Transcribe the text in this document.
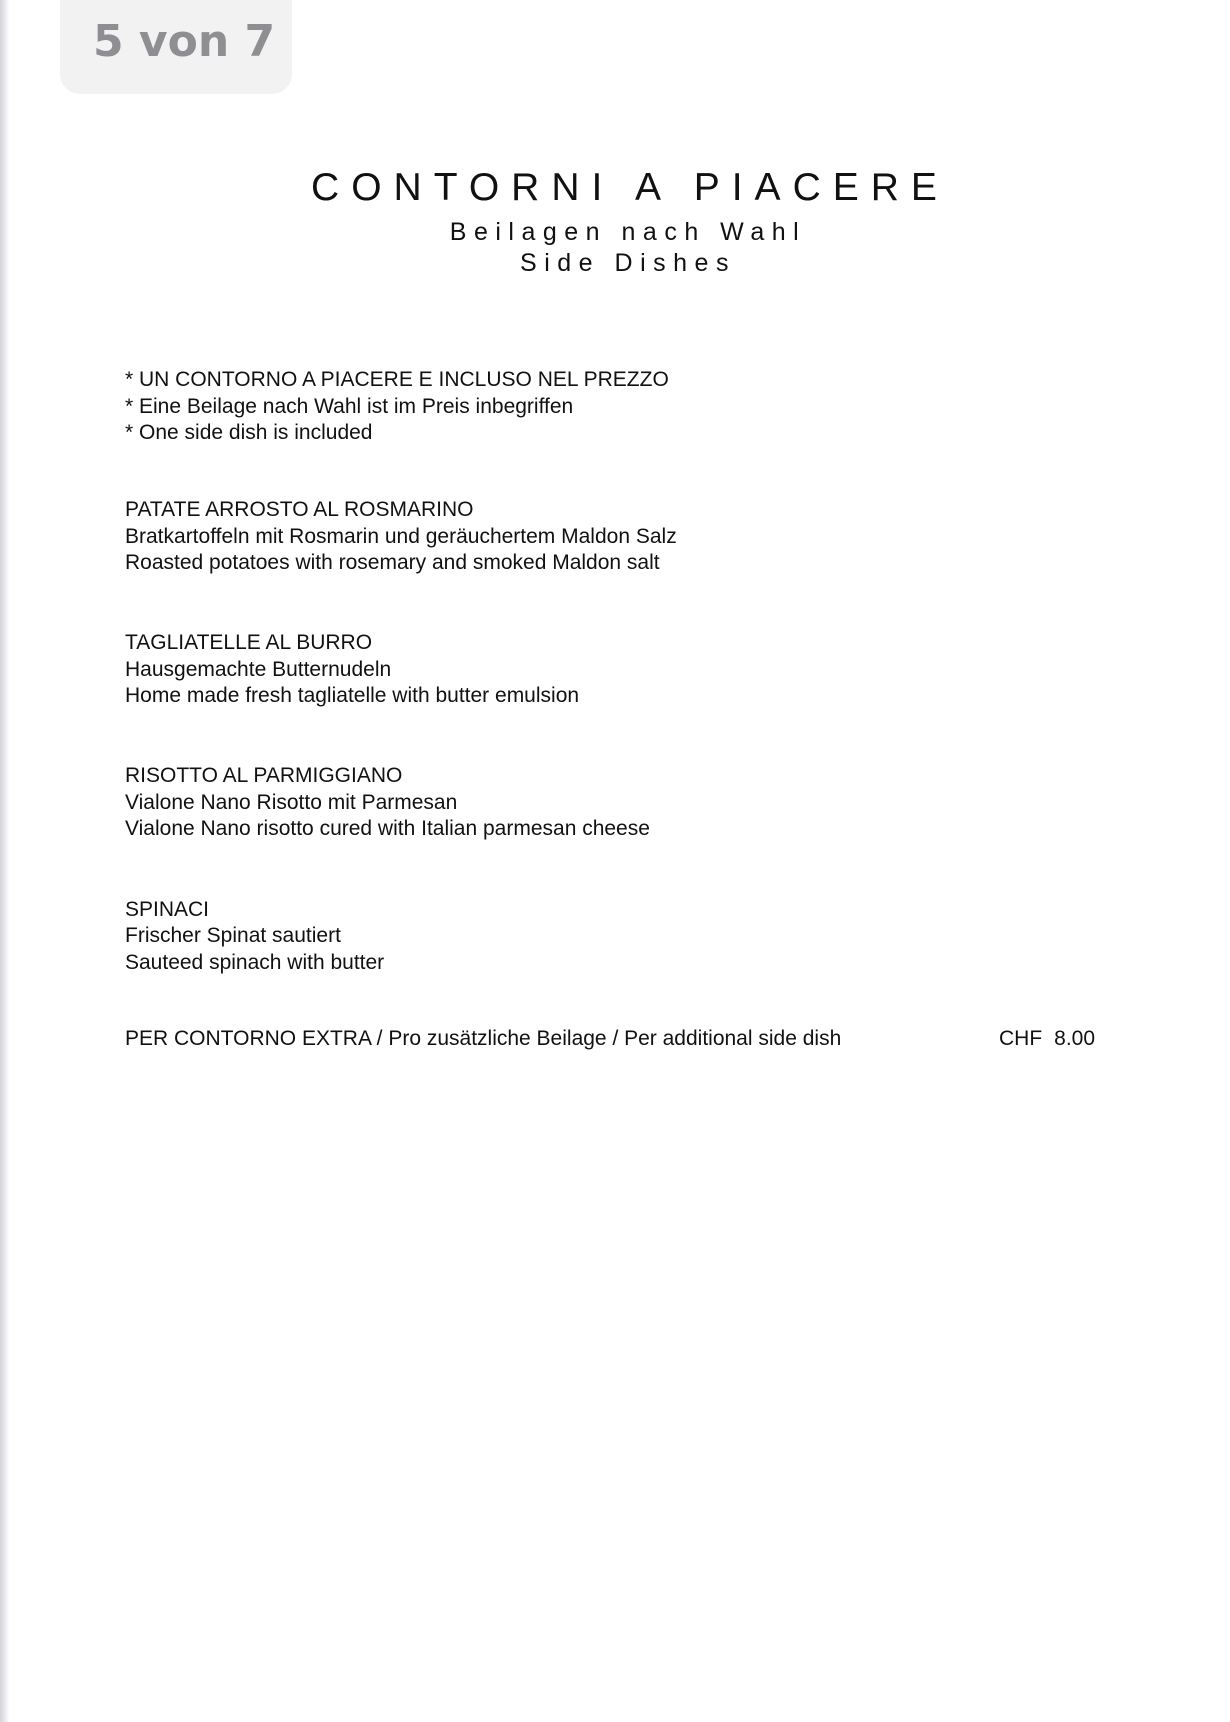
5 von 7
CONTORNI A PIACERE
Beilagen nach Wahl
Side Dishes
* UN CONTORNO A PIACERE E INCLUSO NEL PREZZO
* Eine Beilage nach Wahl ist im Preis inbegriffen
* One side dish is included
PATATE ARROSTO AL ROSMARINO
Bratkartoffeln mit Rosmarin und geräuchertem Maldon Salz
Roasted potatoes with rosemary and smoked Maldon salt
TAGLIATELLE AL BURRO
Hausgemachte Butternudeln
Home made fresh tagliatelle with butter emulsion
RISOTTO AL PARMIGGIANO
Vialone Nano Risotto mit Parmesan
Vialone Nano risotto cured with Italian parmesan cheese
SPINACI
Frischer Spinat sautiert
Sauteed spinach with butter
PER CONTORNO EXTRA / Pro zusätzliche Beilage / Per additional side dish	CHF 8.00
